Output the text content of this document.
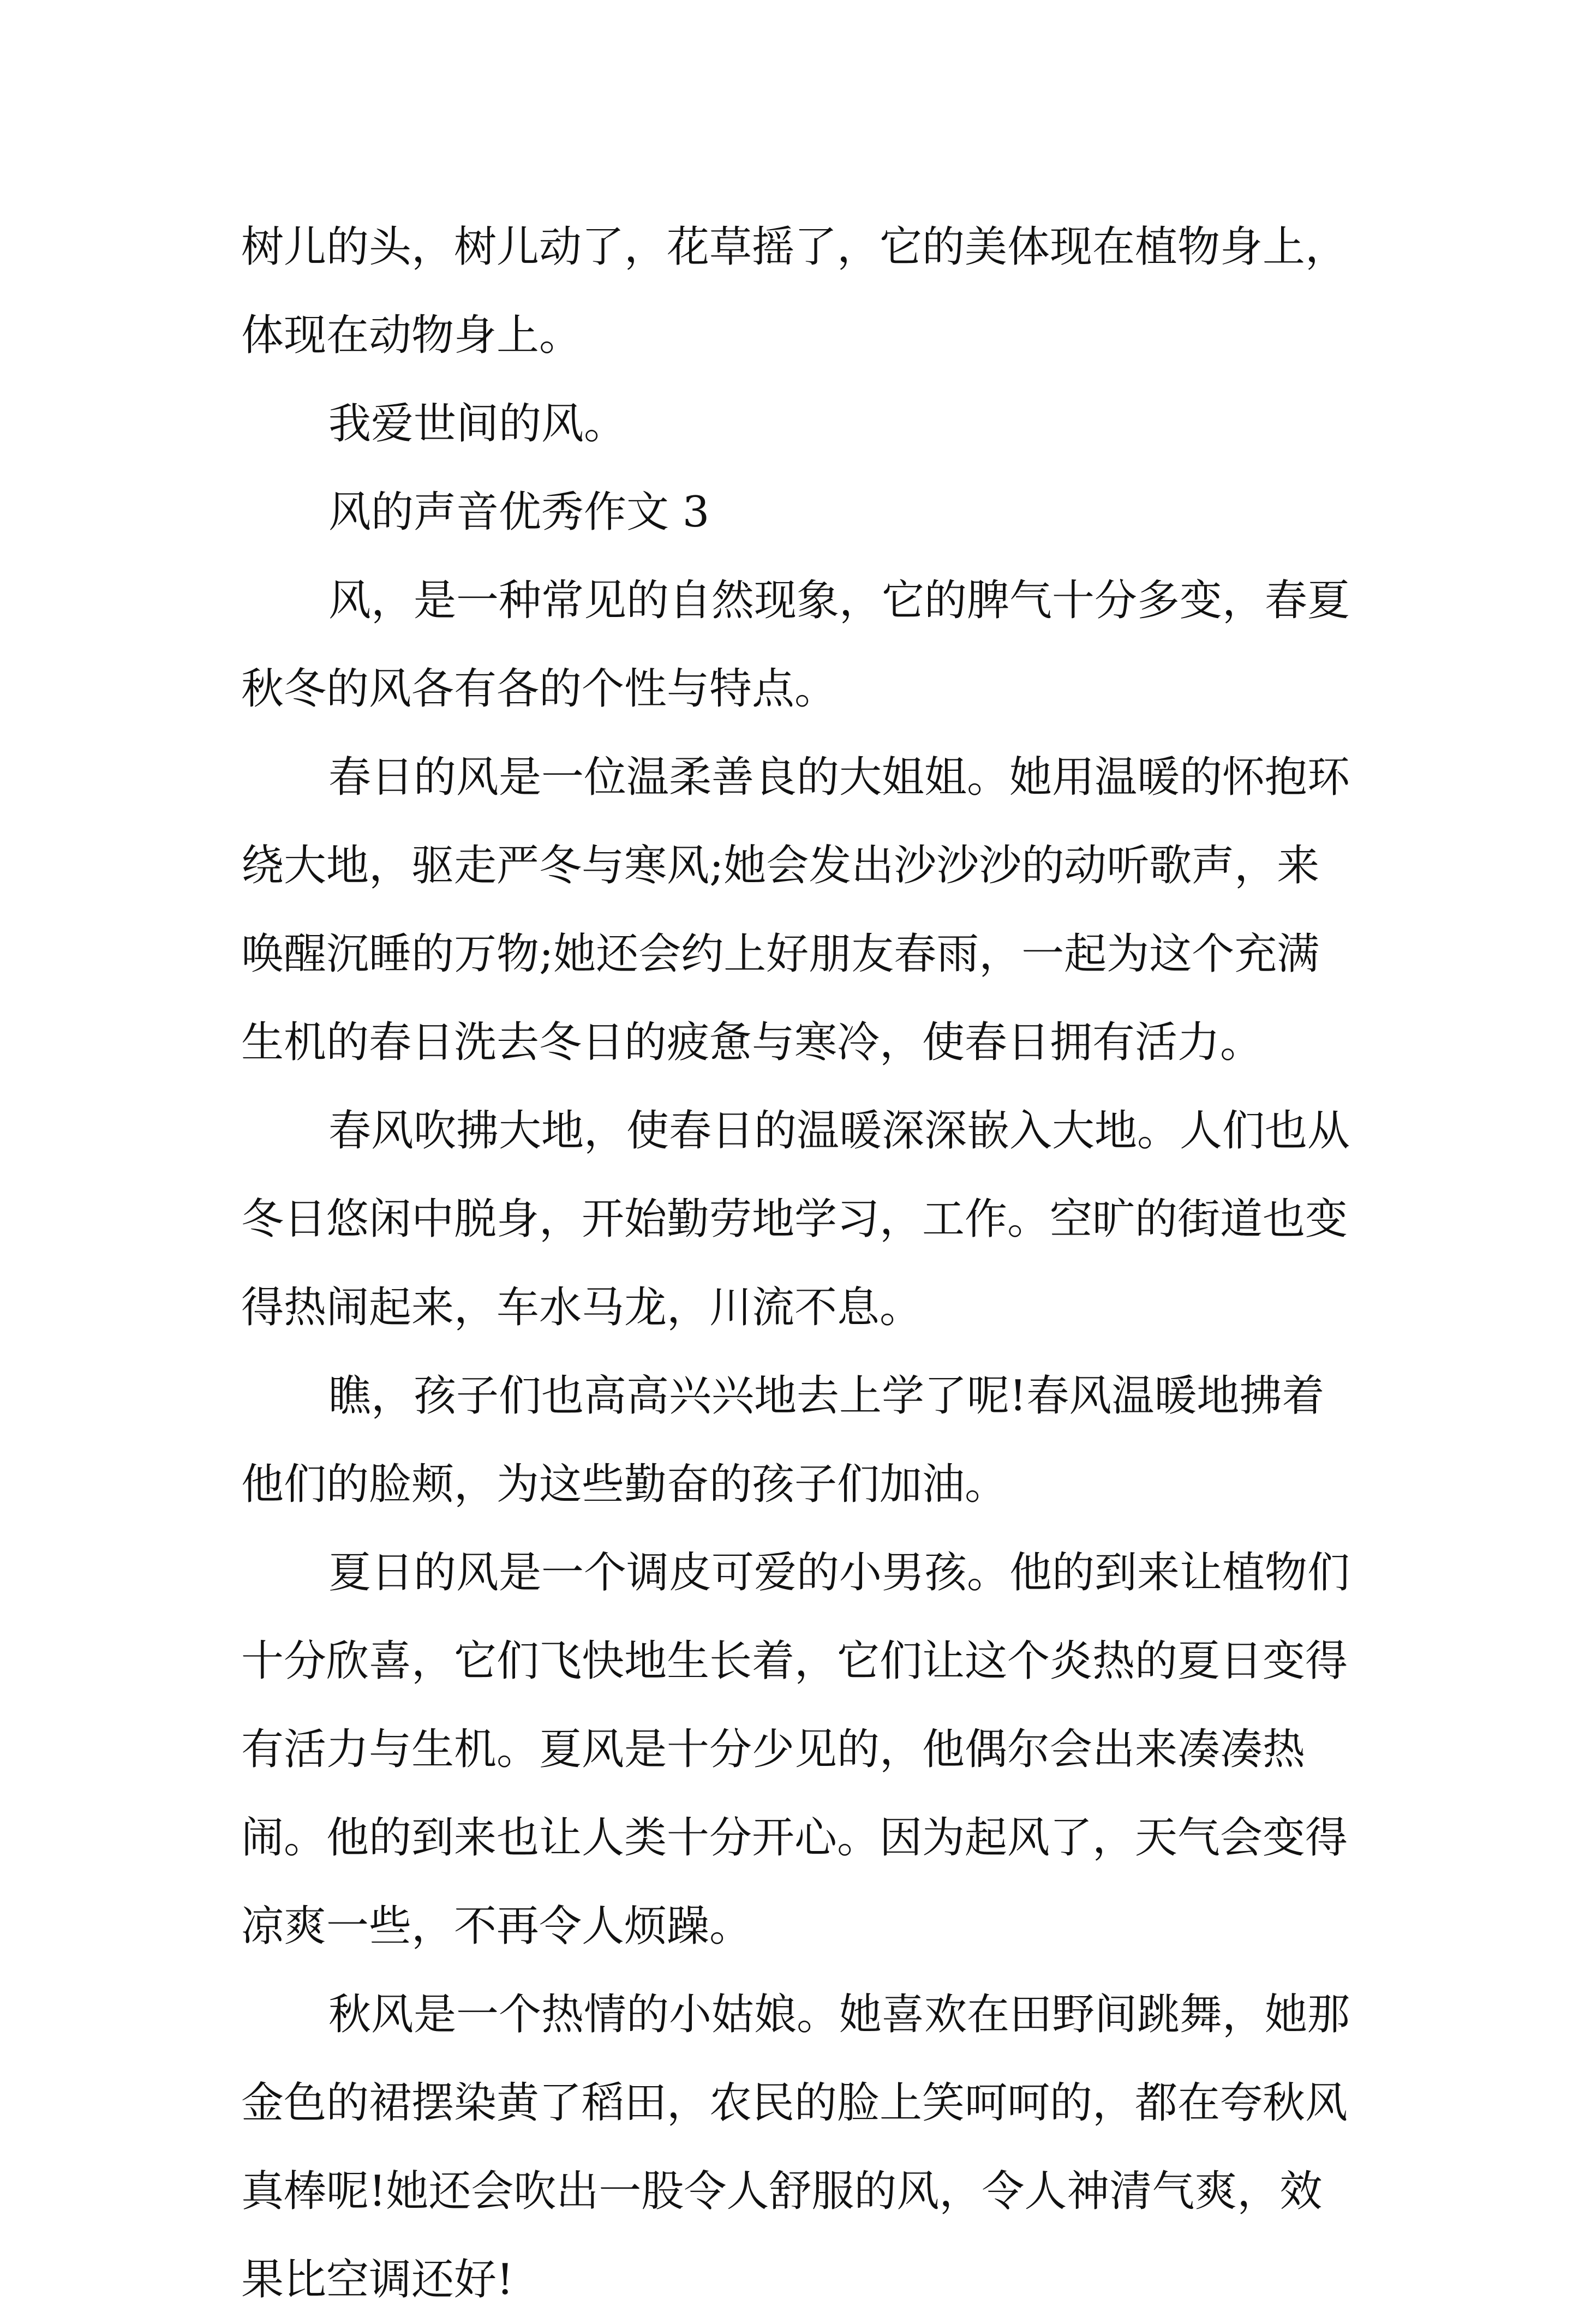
树儿的头，树儿动了，花草摇了，它的美体现在植物身上，体现在动物身上。

我爱世间的风。

风的声音优秀作文 3

风，是一种常见的自然现象，它的脾气十分多变，春夏秋冬的风各有各的个性与特点。

春日的风是一位温柔善良的大姐姐。她用温暖的怀抱环绕大地，驱走严冬与寒风;她会发出沙沙沙的动听歌声，来唤醒沉睡的万物;她还会约上好朋友春雨，一起为这个充满生机的春日洗去冬日的疲惫与寒冷，使春日拥有活力。

春风吹拂大地，使春日的温暖深深嵌入大地。人们也从冬日悠闲中脱身，开始勤劳地学习，工作。空旷的街道也变得热闹起来，车水马龙，川流不息。

瞧，孩子们也高高兴兴地去上学了呢!春风温暖地拂着他们的脸颊，为这些勤奋的孩子们加油。

夏日的风是一个调皮可爱的小男孩。他的到来让植物们十分欣喜，它们飞快地生长着，它们让这个炎热的夏日变得有活力与生机。夏风是十分少见的，他偶尔会出来凑凑热闹。他的到来也让人类十分开心。因为起风了，天气会变得凉爽一些，不再令人烦躁。

秋风是一个热情的小姑娘。她喜欢在田野间跳舞，她那金色的裙摆染黄了稻田，农民的脸上笑呵呵的，都在夸秋风真棒呢!她还会吹出一股令人舒服的风，令人神清气爽，效果比空调还好!
